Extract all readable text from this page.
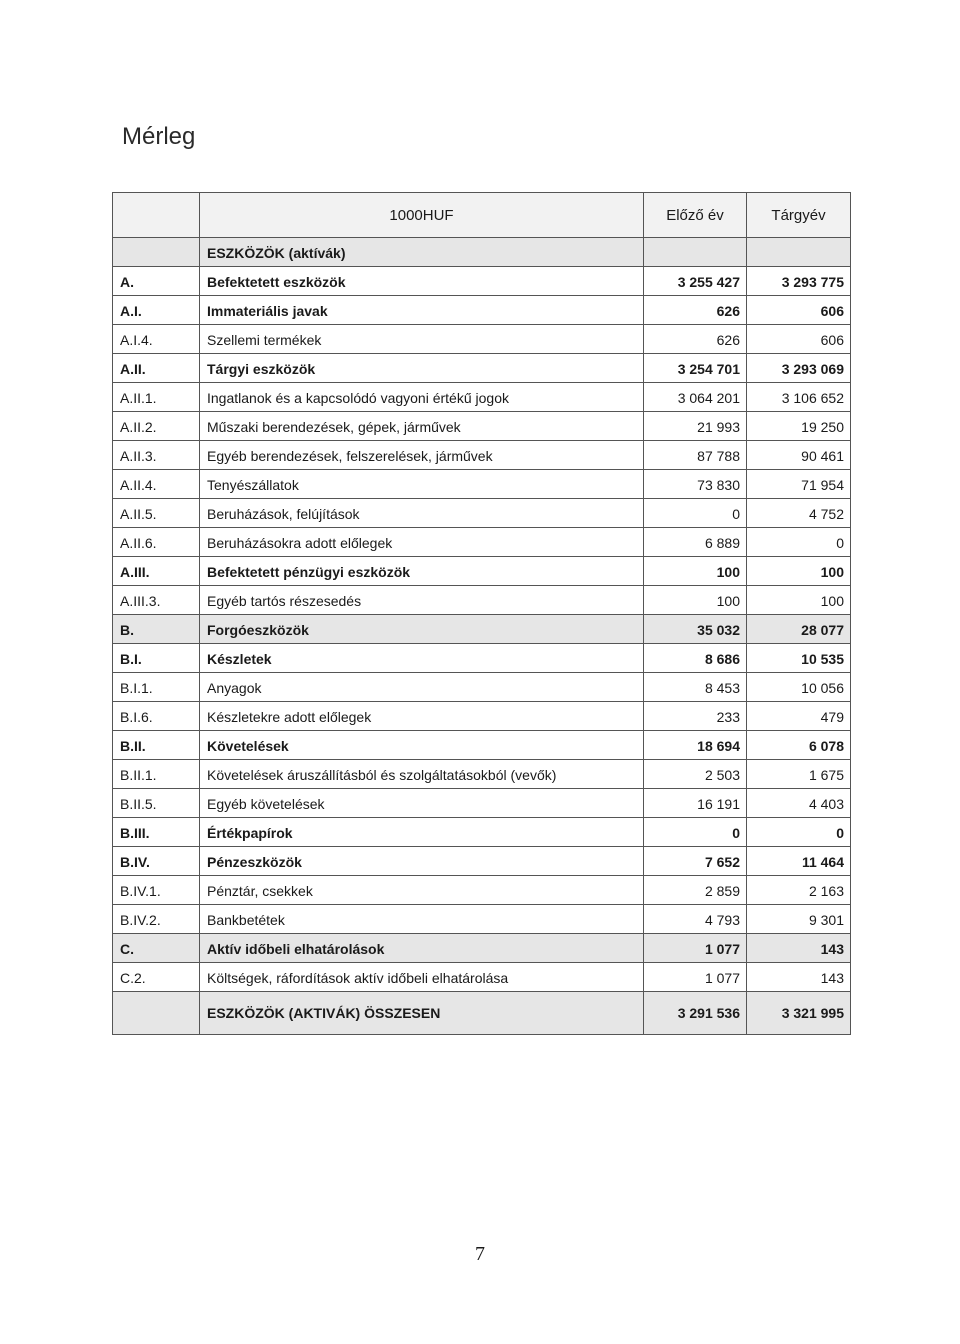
Mérleg
	1000HUF	Előző év	Tárgyév
	ESZKÖZÖK (aktívák)		
A.	Befektetett eszközök	3 255 427	3 293 775
A.I.	Immateriális javak	626	606
A.I.4.	Szellemi termékek	626	606
A.II.	Tárgyi eszközök	3 254 701	3 293 069
A.II.1.	Ingatlanok és a kapcsolódó vagyoni értékű jogok	3 064 201	3 106 652
A.II.2.	Műszaki berendezések, gépek, járművek	21 993	19 250
A.II.3.	Egyéb berendezések, felszerelések, járművek	87 788	90 461
A.II.4.	Tenyészállatok	73 830	71 954
A.II.5.	Beruházások, felújítások	0	4 752
A.II.6.	Beruházásokra adott előlegek	6 889	0
A.III.	Befektetett pénzügyi eszközök	100	100
A.III.3.	Egyéb tartós részesedés	100	100
B.	Forgóeszközök	35 032	28 077
B.I.	Készletek	8 686	10 535
B.I.1.	Anyagok	8 453	10 056
B.I.6.	Készletekre adott előlegek	233	479
B.II.	Követelések	18 694	6 078
B.II.1.	Követelések áruszállításból és szolgáltatásokból (vevők)	2 503	1 675
B.II.5.	Egyéb követelések	16 191	4 403
B.III.	Értékpapírok	0	0
B.IV.	Pénzeszközök	7 652	11 464
B.IV.1.	Pénztár, csekkek	2 859	2 163
B.IV.2.	Bankbetétek	4 793	9 301
C.	Aktív időbeli elhatárolások	1 077	143
C.2.	Költségek, ráfordítások aktív időbeli elhatárolása	1 077	143
	ESZKÖZÖK (AKTIVÁK) ÖSSZESEN	3 291 536	3 321 995
7
